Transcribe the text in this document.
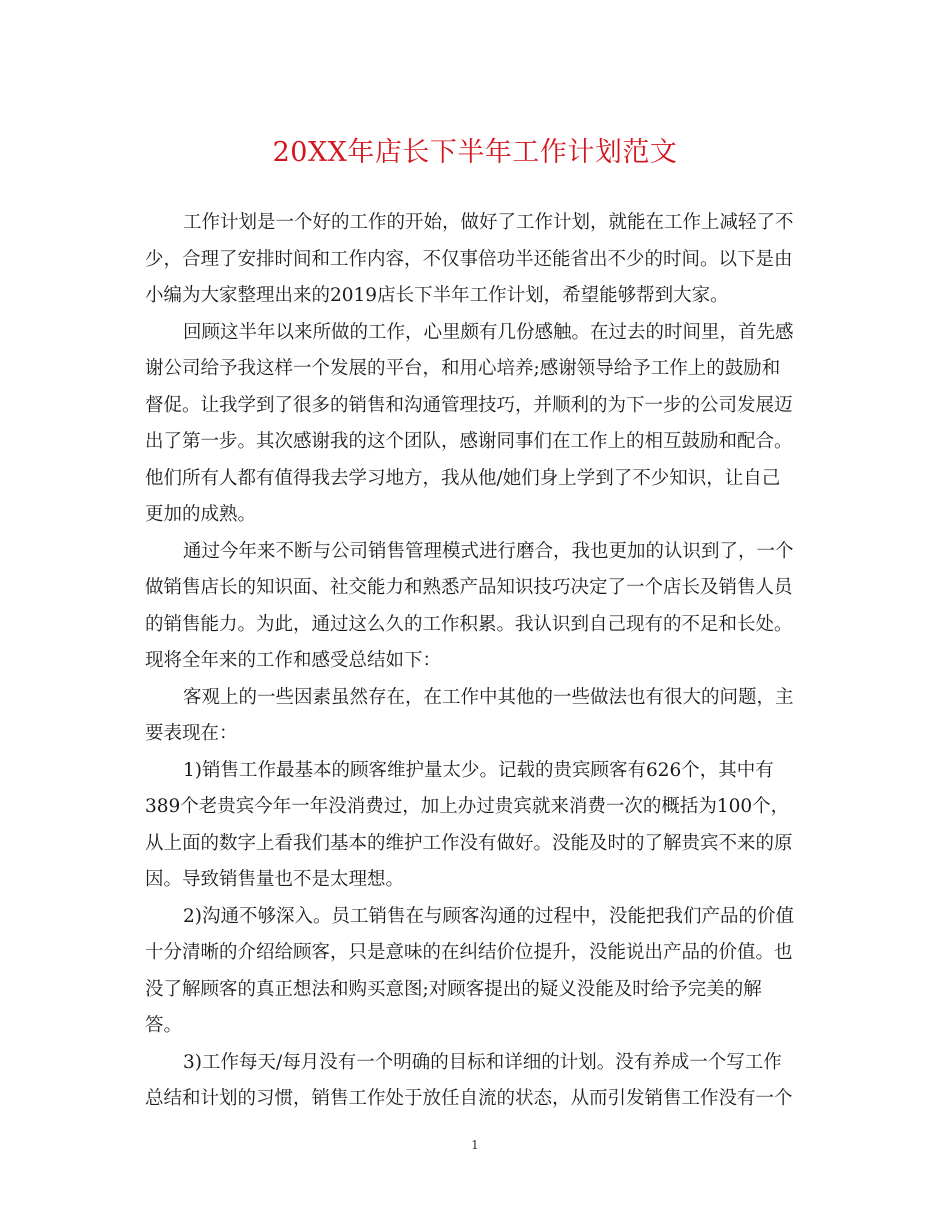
20XX年店长下半年工作计划范文

工作计划是一个好的工作的开始，做好了工作计划，就能在工作上减轻了不
少，合理了安排时间和工作内容，不仅事倍功半还能省出不少的时间。以下是由
小编为大家整理出来的2019店长下半年工作计划，希望能够帮到大家。

回顾这半年以来所做的工作，心里颇有几份感触。在过去的时间里，首先感
谢公司给予我这样一个发展的平台，和用心培养;感谢领导给予工作上的鼓励和
督促。让我学到了很多的销售和沟通管理技巧，并顺利的为下一步的公司发展迈
出了第一步。其次感谢我的这个团队，感谢同事们在工作上的相互鼓励和配合。
他们所有人都有值得我去学习地方，我从他/她们身上学到了不少知识，让自己
更加的成熟。

通过今年来不断与公司销售管理模式进行磨合，我也更加的认识到了，一个
做销售店长的知识面、社交能力和熟悉产品知识技巧决定了一个店长及销售人员
的销售能力。为此，通过这么久的工作积累。我认识到自己现有的不足和长处。
现将全年来的工作和感受总结如下：

客观上的一些因素虽然存在，在工作中其他的一些做法也有很大的问题，主
要表现在：

1)销售工作最基本的顾客维护量太少。记载的贵宾顾客有626个，其中有
389个老贵宾今年一年没消费过，加上办过贵宾就来消费一次的概括为100个，
从上面的数字上看我们基本的维护工作没有做好。没能及时的了解贵宾不来的原
因。导致销售量也不是太理想。

2)沟通不够深入。员工销售在与顾客沟通的过程中，没能把我们产品的价值
十分清晰的介绍给顾客，只是意味的在纠结价位提升，没能说出产品的价值。也
没了解顾客的真正想法和购买意图;对顾客提出的疑义没能及时给予完美的解
答。

3)工作每天/每月没有一个明确的目标和详细的计划。没有养成一个写工作
总结和计划的习惯，销售工作处于放任自流的状态，从而引发销售工作没有一个

1
